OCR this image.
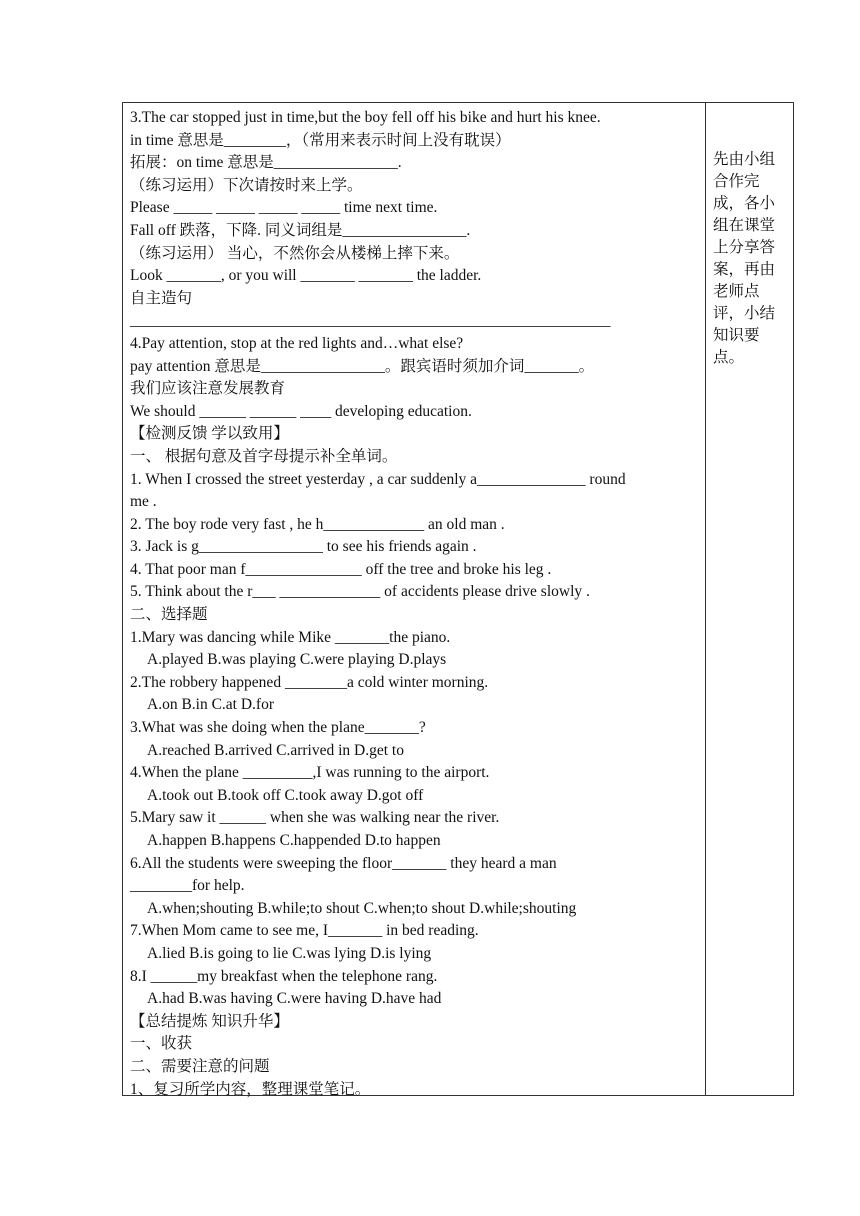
3.The car stopped just in time,but the boy fell off his bike and hurt his knee.
in time 意思是________，（常用来表示时间上没有耽误）
拓展：on time 意思是________________.
（练习运用）下次请按时来上学。
Please _____ _____ _____ _____ time next time.
Fall off 跌落，下降. 同义词组是________________.
（练习运用） 当心，不然你会从楼梯上摔下来。
Look _______, or you will _______ _______ the ladder.
自主造句
______________________________________________________________
4.Pay attention, stop at the red lights and…what else?
pay attention 意思是________________。跟宾语时须加介词_______。
我们应该注意发展教育
We should ______ ______ ____ developing education.
【检测反馈 学以致用】
一、 根据句意及首字母提示补全单词。
1. When I crossed the street yesterday , a car suddenly a______________ round
me .
2. The boy rode very fast , he h_____________ an old man .
3. Jack is g________________ to see his friends again .
4. That poor man f_______________ off the tree and broke his leg .
5. Think about the r___ _____________ of accidents please drive slowly .
二、选择题
1.Mary was dancing while Mike _______the piano.
A.played B.was playing C.were playing D.plays
2.The robbery happened ________a cold winter morning.
A.on B.in C.at D.for
3.What was she doing when the plane_______?
A.reached B.arrived C.arrived in D.get to
4.When the plane _________,I was running to the airport.
A.took out B.took off C.took away D.got off
5.Mary saw it ______ when she was walking near the river.
A.happen B.happens C.happended D.to happen
6.All the students were sweeping the floor_______ they heard a man
________for help.
A.when;shouting B.while;to shout C.when;to shout D.while;shouting
7.When Mom came to see me, I_______ in bed reading.
A.lied B.is going to lie C.was lying D.is lying
8.I ______my breakfast when the telephone rang.
A.had B.was having C.were having D.have had
【总结提炼 知识升华】
一、收获
二、需要注意的问题
1、复习所学内容，整理课堂笔记。
先由小组合作完成，各小组在课堂上分享答案，再由老师点评，小结知识要点。
